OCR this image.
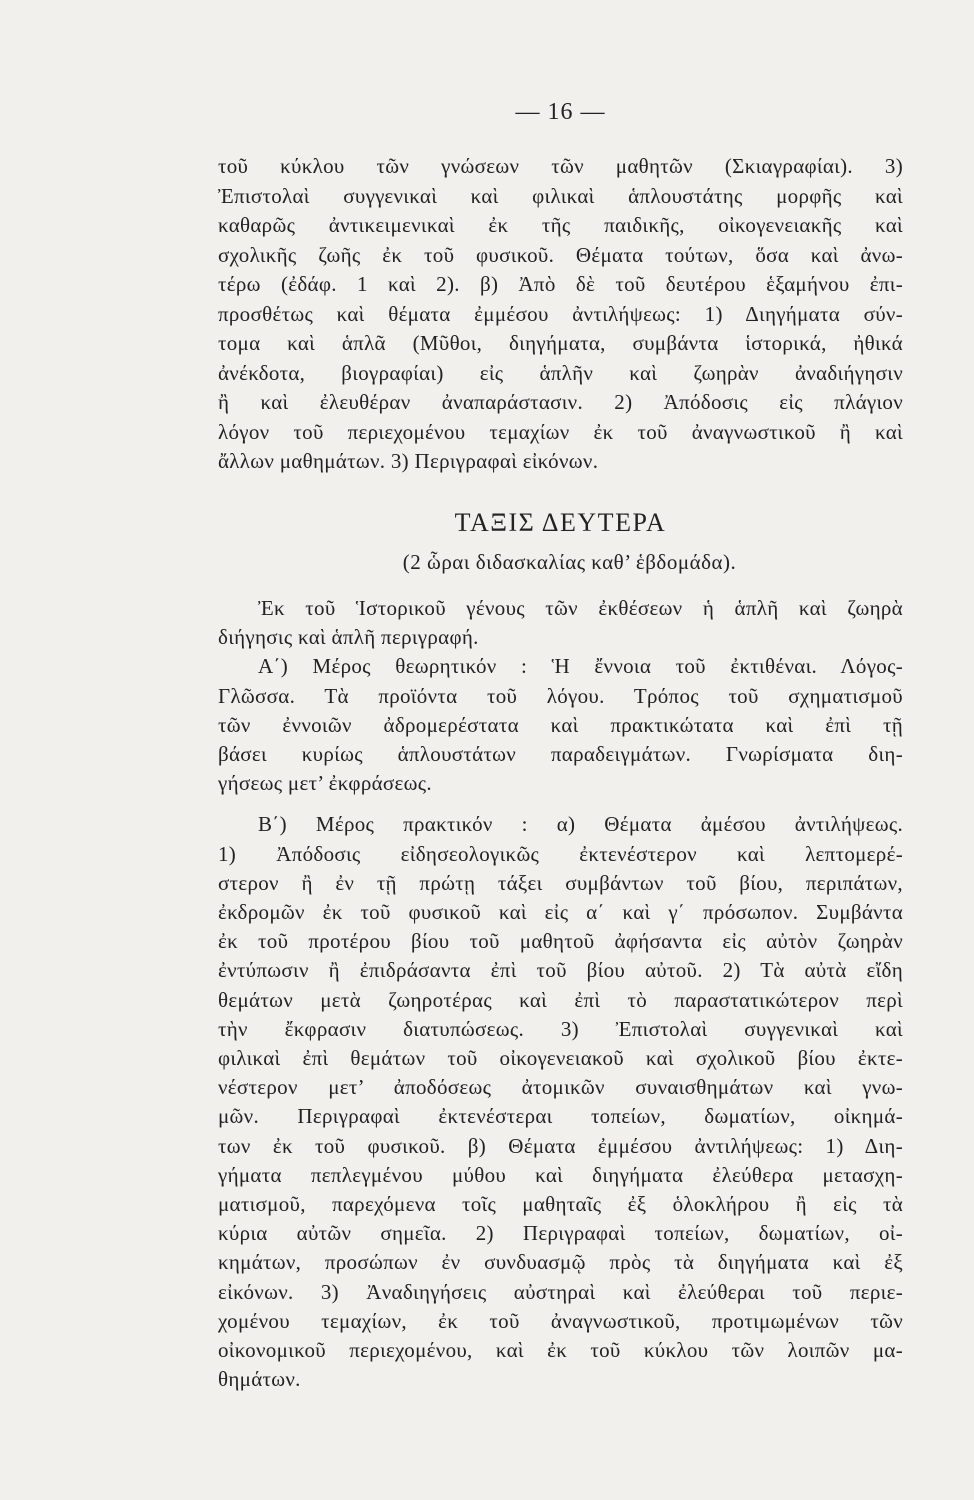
— 16 —
τοῦ κύκλου τῶν γνώσεων τῶν μαθητῶν (Σκιαγραφίαι). 3)
Ἐπιστολαὶ συγγενικαὶ καὶ φιλικαὶ ἁπλουστάτης μορφῆς καὶ
καθαρῶς ἀντικειμενικαὶ ἐκ τῆς παιδικῆς, οἰκογενειακῆς καὶ
σχολικῆς ζωῆς ἐκ τοῦ φυσικοῦ. Θέματα τούτων, ὅσα καὶ ἀνω-
τέρω (ἐδάφ. 1 καὶ 2). β) Ἀπὸ δὲ τοῦ δευτέρου ἑξαμήνου ἐπι-
προσθέτως καὶ θέματα ἐμμέσου ἀντιλήψεως: 1) Διηγήματα σύν-
τομα καὶ ἁπλᾶ (Μῦθοι, διηγήματα, συμβάντα ἱστορικά, ἠθικά
ἀνέκδοτα, βιογραφίαι) εἰς ἁπλῆν καὶ ζωηρὰν ἀναδιήγησιν
ἢ καὶ ἐλευθέραν ἀναπαράστασιν. 2) Ἀπόδοσις εἰς πλάγιον
λόγον τοῦ περιεχομένου τεμαχίων ἐκ τοῦ ἀναγνωστικοῦ ἢ καὶ
ἄλλων μαθημάτων. 3) Περιγραφαὶ εἰκόνων.
ΤΑΞΙΣ ΔΕΥΤΕΡΑ
(2 ὧραι διδασκαλίας καθ’ ἑβδομάδα).
Ἐκ τοῦ Ἱστορικοῦ γένους τῶν ἐκθέσεων ἡ ἁπλῆ καὶ ζωηρὰ
διήγησις καὶ ἁπλῆ περιγραφή.
Α΄) Μέρος θεωρητικόν : Ἡ ἔννοια τοῦ ἐκτιθέναι. Λόγος-
Γλῶσσα. Τὰ προϊόντα τοῦ λόγου. Τρόπος τοῦ σχηματισμοῦ
τῶν ἐννοιῶν ἀδρομερέστατα καὶ πρακτικώτατα καὶ ἐπὶ τῇ
βάσει κυρίως ἁπλουστάτων παραδειγμάτων. Γνωρίσματα διη-
γήσεως μετ’ ἐκφράσεως.
Β΄) Μέρος πρακτικόν : α) Θέματα ἀμέσου ἀντιλήψεως.
1) Ἀπόδοσις εἰδησεολογικῶς ἐκτενέστερον καὶ λεπτομερέ-
στερον ἢ ἐν τῇ πρώτῃ τάξει συμβάντων τοῦ βίου, περιπάτων,
ἐκδρομῶν ἐκ τοῦ φυσικοῦ καὶ εἰς α΄ καὶ γ΄ πρόσωπον. Συμβάντα
ἐκ τοῦ προτέρου βίου τοῦ μαθητοῦ ἀφήσαντα εἰς αὐτὸν ζωηρὰν
ἐντύπωσιν ἢ ἐπιδράσαντα ἐπὶ τοῦ βίου αὐτοῦ. 2) Τὰ αὐτὰ εἴδη
θεμάτων μετὰ ζωηροτέρας καὶ ἐπὶ τὸ παραστατικώτερον περὶ
τὴν ἔκφρασιν διατυπώσεως. 3) Ἐπιστολαὶ συγγενικαὶ καὶ
φιλικαὶ ἐπὶ θεμάτων τοῦ οἰκογενειακοῦ καὶ σχολικοῦ βίου ἐκτε-
νέστερον μετ’ ἀποδόσεως ἀτομικῶν συναισθημάτων καὶ γνω-
μῶν. Περιγραφαὶ ἐκτενέστεραι τοπείων, δωματίων, οἰκημά-
των ἐκ τοῦ φυσικοῦ. β) Θέματα ἐμμέσου ἀντιλήψεως: 1) Διη-
γήματα πεπλεγμένου μύθου καὶ διηγήματα ἐλεύθερα μετασχη-
ματισμοῦ, παρεχόμενα τοῖς μαθηταῖς ἐξ ὁλοκλήρου ἢ εἰς τὰ
κύρια αὐτῶν σημεῖα. 2) Περιγραφαὶ τοπείων, δωματίων, οἰ-
κημάτων, προσώπων ἐν συνδυασμῷ πρὸς τὰ διηγήματα καὶ ἐξ
εἰκόνων. 3) Ἀναδιηγήσεις αὐστηραὶ καὶ ἐλεύθεραι τοῦ περιε-
χομένου τεμαχίων, ἐκ τοῦ ἀναγνωστικοῦ, προτιμωμένων τῶν
οἰκονομικοῦ περιεχομένου, καὶ ἐκ τοῦ κύκλου τῶν λοιπῶν μα-
θημάτων.
